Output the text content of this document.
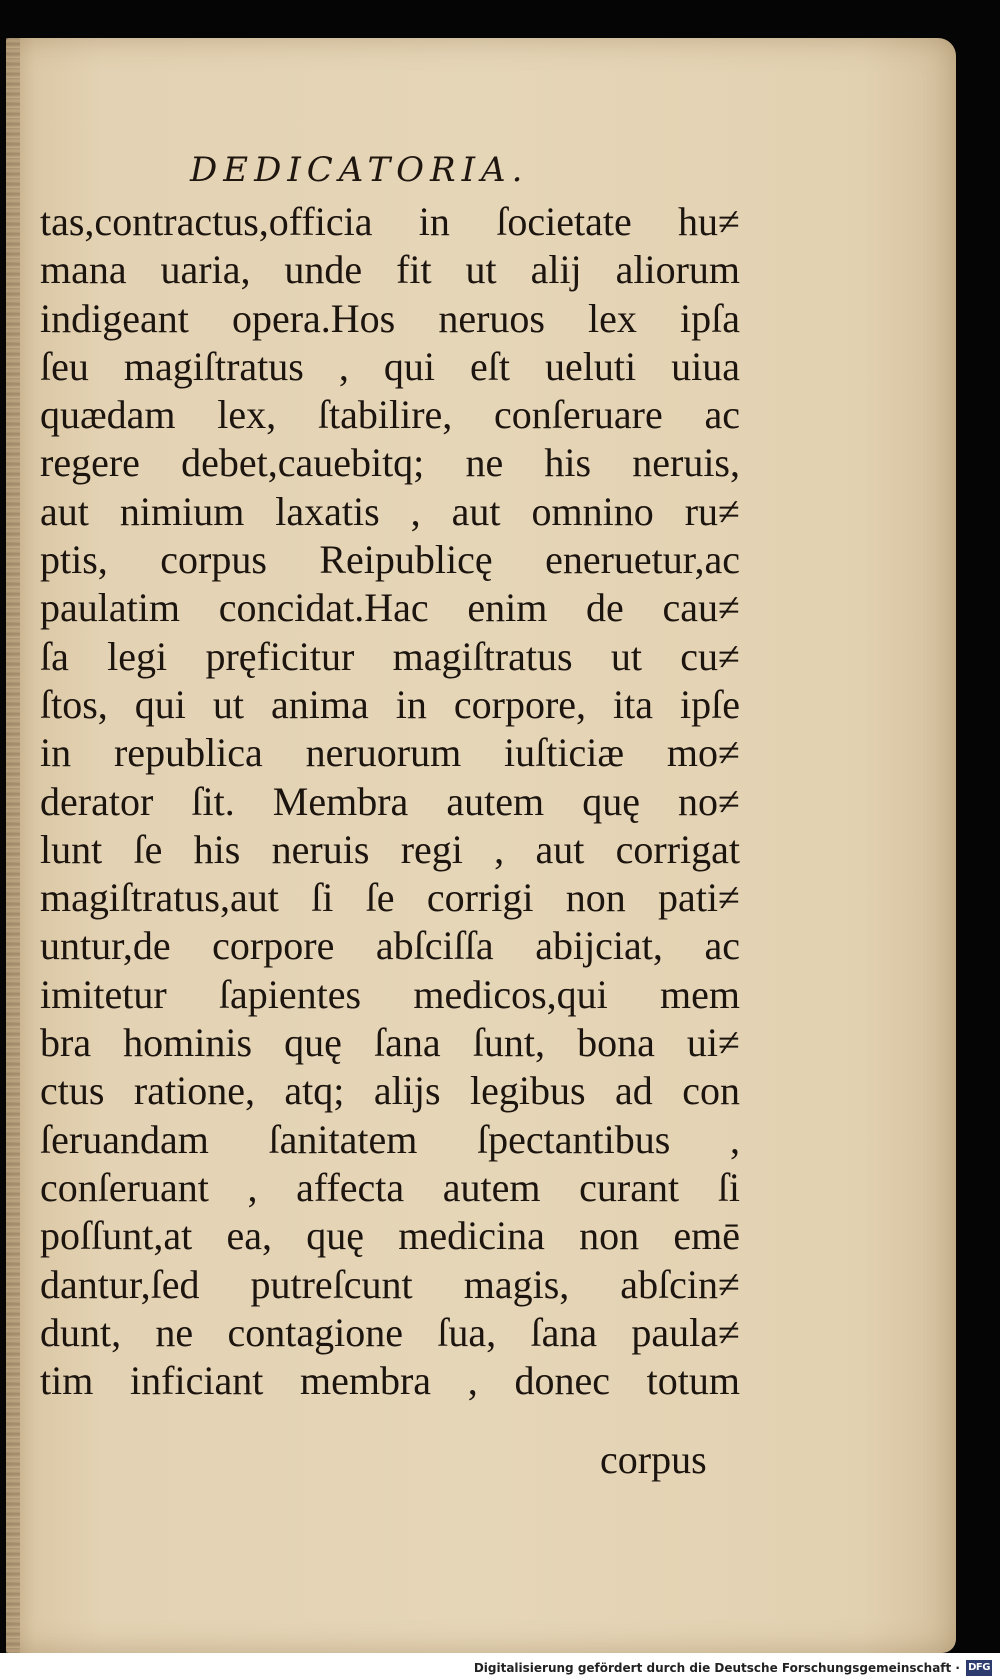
DEDICATORIA.
tas,contractus,officia in ſocietate hu≠
mana uaria, unde fit ut alij aliorum
indigeant opera.Hos neruos lex ipſa
ſeu magiſtratus , qui eſt ueluti uiua
quædam lex, ſtabilire, conſeruare ac
regere debet,cauebitq; ne his neruis,
aut nimium laxatis , aut omnino ru≠
ptis, corpus Reipublicę eneruetur,ac
paulatim concidat.Hac enim de cau≠
ſa legi pręficitur magiſtratus ut cu≠
ſtos, qui ut anima in corpore, ita ipſe
in republica neruorum iuſticiæ mo≠
derator ſit. Membra autem quę no≠
lunt ſe his neruis regi , aut corrigat
magiſtratus,aut ſi ſe corrigi non pati≠
untur,de corpore abſciſſa abijciat, ac
imitetur ſapientes medicos,qui mem
bra hominis quę ſana ſunt, bona ui≠
ctus ratione, atq; alijs legibus ad con
ſeruandam ſanitatem ſpectantibus ,
conſeruant , affecta autem curant ſi
poſſunt,at ea, quę medicina non emē
dantur,ſed putreſcunt magis, abſcin≠
dunt, ne contagione ſua, ſana paula≠
tim inficiant membra , donec totum
corpus
Digitalisierung gefördert durch die Deutsche Forschungsgemeinschaft · DFG
